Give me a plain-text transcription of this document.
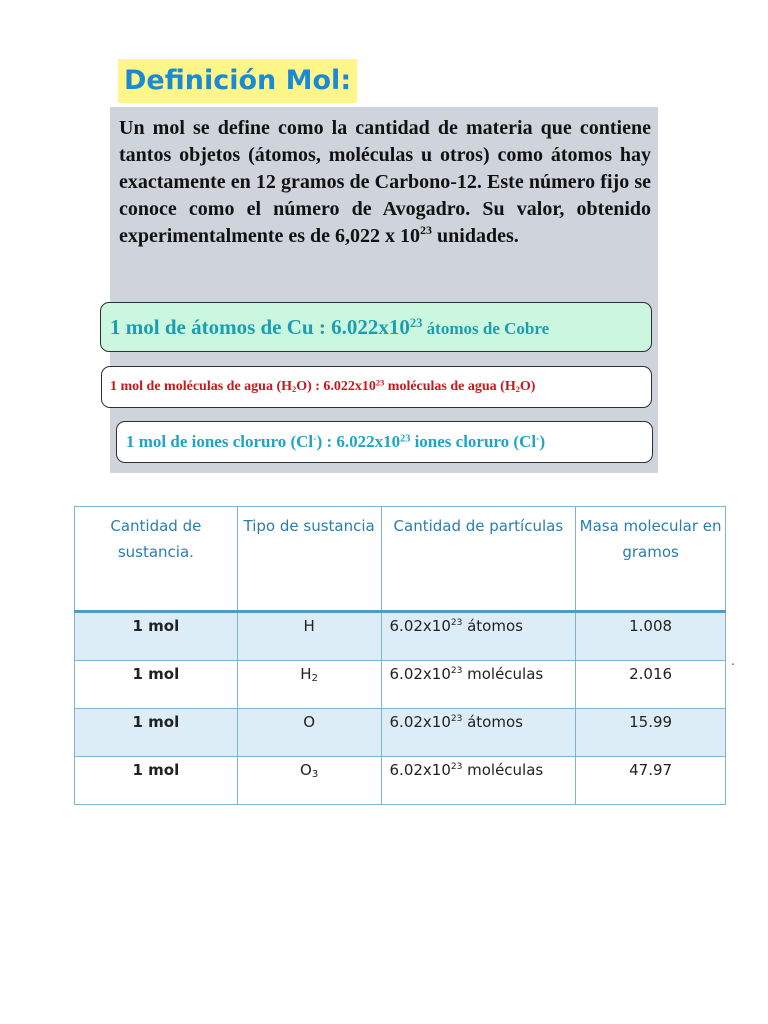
Definición Mol:
Un mol se define como la cantidad de materia que contiene tantos objetos (átomos, moléculas u otros) como átomos hay exactamente en 12 gramos de Carbono-12. Este número fijo se conoce como el número de Avogadro. Su valor, obtenido experimentalmente es de 6,022 x $10^{23}$ unidades.
1 mol de átomos de Cu : $6.022x10^{23}$ átomos de Cobre
1 mol de moléculas de agua $(H_2O)$ : $6.022x10^{23}$ moléculas de agua $(H_2O)$
1 mol de iones cloruro (Cl-) : $6.022x10^{23}$ iones cloruro (Cl-)
Cantidad de sustancia.	Tipo de sustancia	Cantidad de partículas	Masa molecular en gramos
1 mol	H	$6.02x10^{23}$ átomos	1.008
1 mol	$H_2$	$6.02x10^{23}$ moléculas	2.016
1 mol	O	$6.02x10^{23}$ átomos	15.99
1 mol	$O_3$	$6.02x10^{23}$ moléculas	47.97
.
